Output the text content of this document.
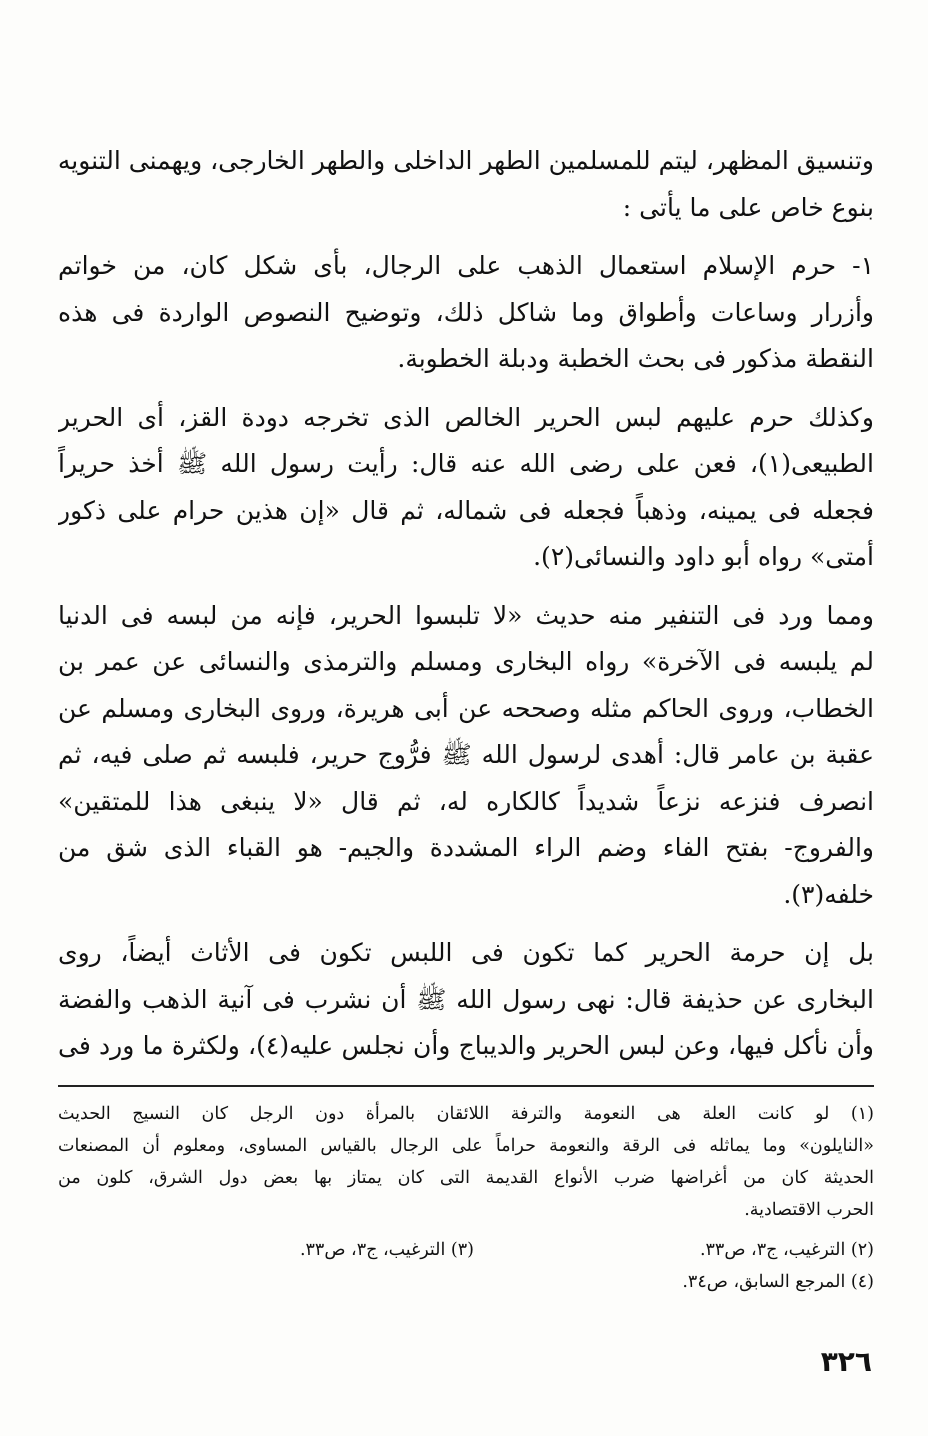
وتنسيق المظهر، ليتم للمسلمين الطهر الداخلى والطهر الخارجى، ويهمنى التنويه
بنوع خاص على ما يأتى :

١- حرم الإسلام استعمال الذهب على الرجال، بأى شكل كان، من خواتم
وأزرار وساعات وأطواق وما شاكل ذلك، وتوضيح النصوص الواردة فى هذه
النقطة مذكور فى بحث الخطبة ودبلة الخطوبة.

وكذلك حرم عليهم لبس الحرير الخالص الذى تخرجه دودة القز، أى الحرير
الطبيعى(١)، فعن على رضى الله عنه قال: رأيت رسول الله ﷺ أخذ حريراً
فجعله فى يمينه، وذهباً فجعله فى شماله، ثم قال «إن هذين حرام على ذكور
أمتى» رواه أبو داود والنسائى(٢).

ومما ورد فى التنفير منه حديث «لا تلبسوا الحرير، فإنه من لبسه فى الدنيا
لم يلبسه فى الآخرة» رواه البخارى ومسلم والترمذى والنسائى عن عمر بن
الخطاب، وروى الحاكم مثله وصححه عن أبى هريرة، وروى البخارى ومسلم عن
عقبة بن عامر قال: أهدى لرسول الله ﷺ فرُّوج حرير، فلبسه ثم صلى فيه، ثم
انصرف فنزعه نزعاً شديداً كالكاره له، ثم قال «لا ينبغى هذا للمتقين»
والفروج- بفتح الفاء وضم الراء المشددة والجيم- هو القباء الذى شق من
خلفه(٣).

بل إن حرمة الحرير كما تكون فى اللبس تكون فى الأثاث أيضاً، روى
البخارى عن حذيفة قال: نهى رسول الله ﷺ أن نشرب فى آنية الذهب والفضة
وأن نأكل فيها، وعن لبس الحرير والديباج وأن نجلس عليه(٤)، ولكثرة ما ورد فى

(١) لو كانت العلة هى النعومة والترفة اللائقان بالمرأة دون الرجل كان النسيج الحديث
«النايلون» وما يماثله فى الرقة والنعومة حراماً على الرجال بالقياس المساوى، ومعلوم أن المصنعات
الحديثة كان من أغراضها ضرب الأنواع القديمة التى كان يمتاز بها بعض دول الشرق، كلون من
الحرب الاقتصادية.
(٢) الترغيب، ج٣، ص٣٣.
(٣) الترغيب، ج٣، ص٣٣.
(٤) المرجع السابق، ص٣٤.
٣٢٦
